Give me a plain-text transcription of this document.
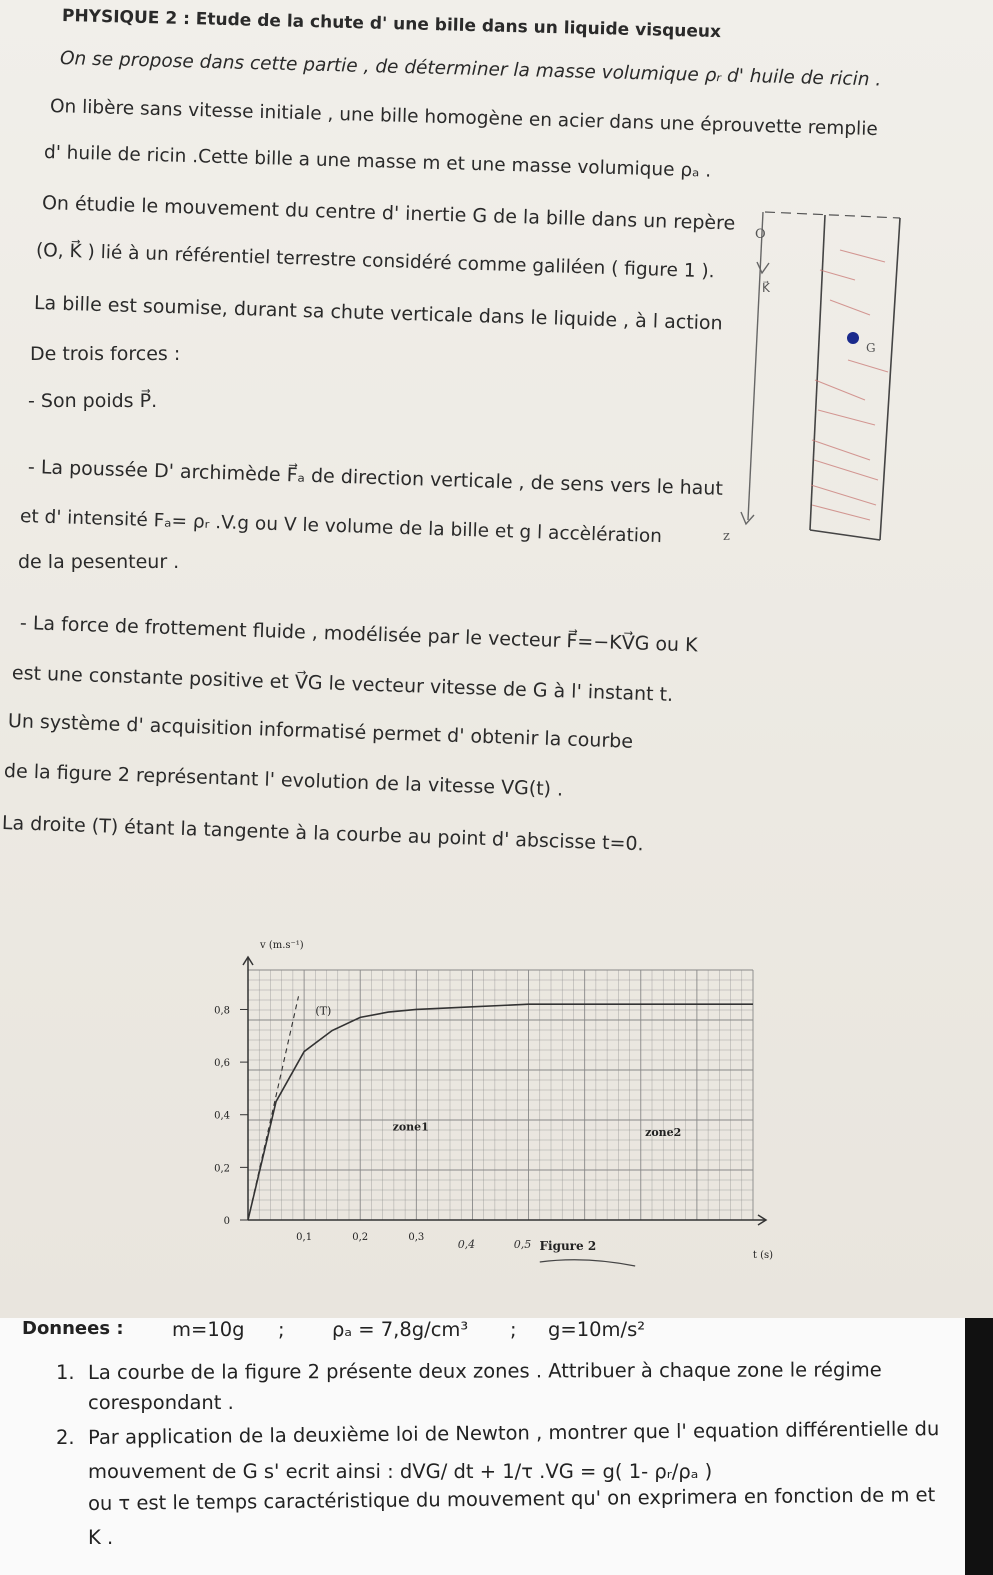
PHYSIQUE 2 : Etude de la chute d' une bille dans un liquide visqueux
On se propose dans cette partie , de déterminer la masse volumique ρᵣ d' huile de ricin .
On libère sans vitesse initiale , une bille homogène en acier dans une éprouvette remplie
d' huile de ricin .Cette bille a une masse m et une masse volumique ρₐ .
On étudie le mouvement du centre d' inertie G de la bille dans un repère
(O, K⃗ ) lié à un référentiel terrestre considéré comme galiléen ( figure 1 ).
La bille est soumise, durant sa chute verticale dans le liquide , à l action
De trois forces :
- Son poids P⃗.
- La poussée D' archimède F⃗ₐ de direction verticale , de sens vers le haut
et d' intensité Fₐ= ρᵣ .V.g ou V le volume de la bille et g l accèlération
de la pesenteur .
- La force de frottement fluide , modélisée par le vecteur F⃗=−KV⃗G ou K
est une constante positive et V⃗G le vecteur vitesse de G à l' instant t.
Un système d' acquisition informatisé permet d' obtenir la courbe
de la figure 2 représentant l' evolution de la vitesse VG(t) .
La droite (T) étant la tangente à la courbe au point d' abscisse t=0.
O
K⃗
G
z
0
0,2
0,4
0,6
0,8
0,1	0,2	0,3
0,4	0,5
v (m.s⁻¹)
t (s)
Figure 2
zone1	zone2
(T)
Donnees : m=10g ; ρₐ = 7,8g/cm³ ; g=10m/s²
1. La courbe de la figure 2 présente deux zones . Attribuer à chaque zone le régime
corespondant .
2. Par application de la deuxième loi de Newton , montrer que l' equation différentielle du
mouvement de G s' ecrit ainsi : dVG/ dt + 1/τ .VG = g( 1- ρᵣ/ρₐ )
ou τ est le temps caractéristique du mouvement qu' on exprimera en fonction de m et
K .
